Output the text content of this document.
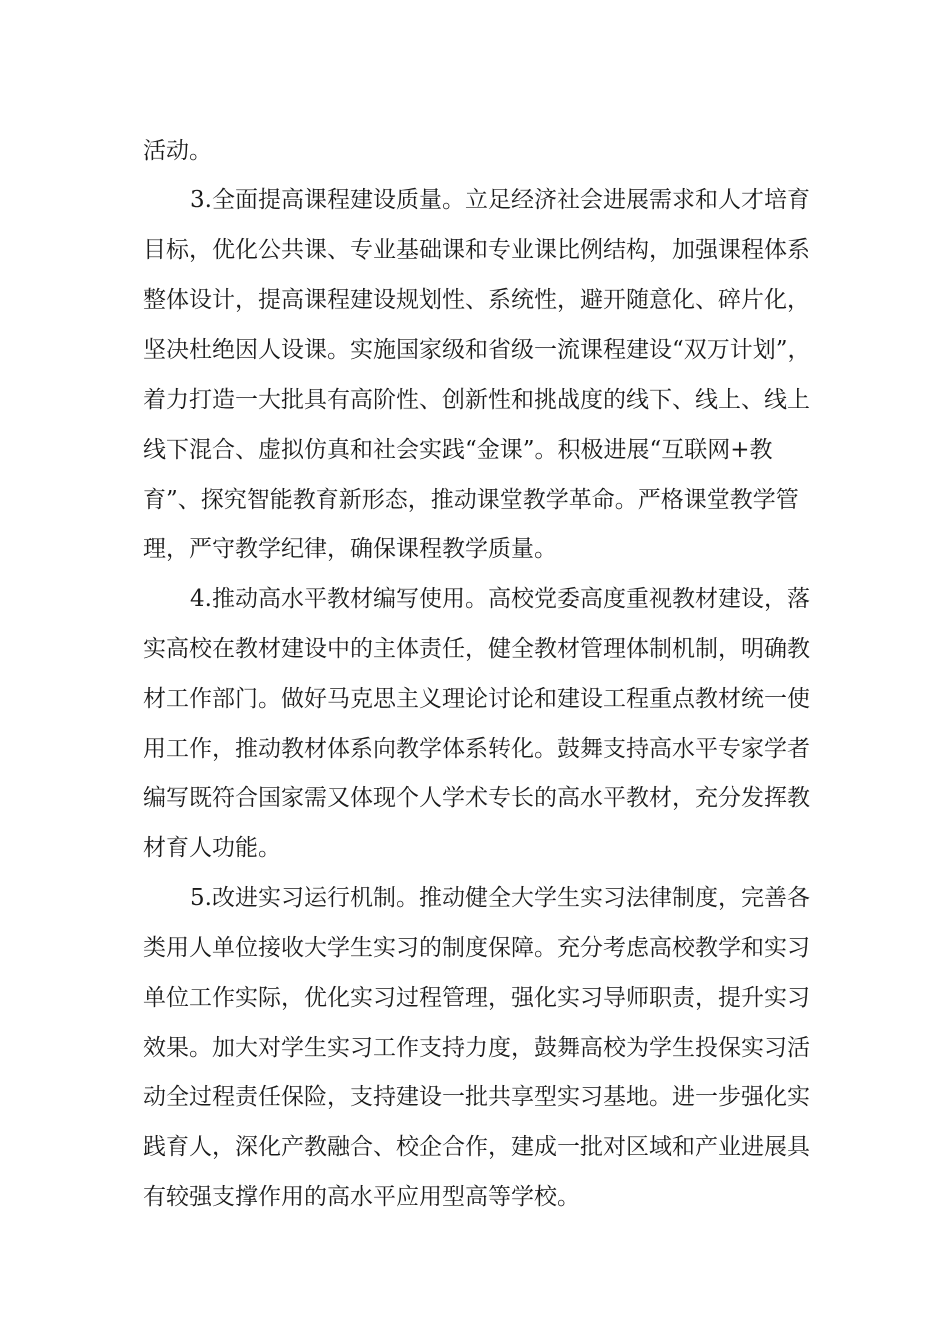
活动。
3.全面提高课程建设质量。立足经济社会进展需求和人才培育
目标，优化公共课、专业基础课和专业课比例结构，加强课程体系
整体设计，提高课程建设规划性、系统性，避开随意化、碎片化，
坚决杜绝因人设课。实施国家级和省级一流课程建设“双万计划”，
着力打造一大批具有高阶性、创新性和挑战度的线下、线上、线上
线下混合、虚拟仿真和社会实践“金课”。积极进展“互联网+教
育”、探究智能教育新形态，推动课堂教学革命。严格课堂教学管
理，严守教学纪律，确保课程教学质量。
4.推动高水平教材编写使用。高校党委高度重视教材建设，落
实高校在教材建设中的主体责任，健全教材管理体制机制，明确教
材工作部门。做好马克思主义理论讨论和建设工程重点教材统一使
用工作，推动教材体系向教学体系转化。鼓舞支持高水平专家学者
编写既符合国家需又体现个人学术专长的高水平教材，充分发挥教
材育人功能。
5.改进实习运行机制。推动健全大学生实习法律制度，完善各
类用人单位接收大学生实习的制度保障。充分考虑高校教学和实习
单位工作实际，优化实习过程管理，强化实习导师职责，提升实习
效果。加大对学生实习工作支持力度，鼓舞高校为学生投保实习活
动全过程责任保险，支持建设一批共享型实习基地。进一步强化实
践育人，深化产教融合、校企合作，建成一批对区域和产业进展具
有较强支撑作用的高水平应用型高等学校。
